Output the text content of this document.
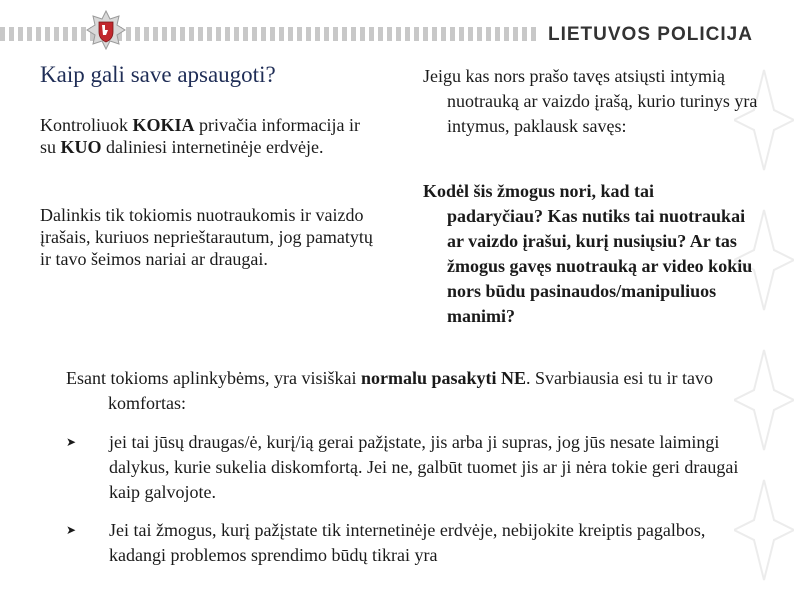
LIETUVOS POLICIJA
Kaip gali save apsaugoti?

Kontroliuok KOKIA privačia informacija ir su KUO daliniesi internetinėje erdvėje.

Dalinkis tik tokiomis nuotraukomis ir vaizdo įrašais, kuriuos neprieštarautum, jog pamatytų ir tavo šeimos nariai ar draugai.

Jeigu kas nors prašo tavęs atsiųsti intymią nuotrauką ar vaizdo įrašą, kurio turinys yra intymus, paklausk savęs:
Kodėl šis žmogus nori, kad tai padaryčiau? Kas nutiks tai nuotraukai ar vaizdo įrašui, kurį nusiųsiu? Ar tas žmogus gavęs nuotrauką ar video kokiu nors būdu pasinaudos/manipuliuos manimi?
Esant tokioms aplinkybėms, yra visiškai normalu pasakyti NE. Svarbiausia esi tu ir tavo komfortas:
➤ jei tai jūsų draugas/ė, kurį/ią gerai pažįstate, jis arba ji supras, jog jūs nesate laimingi dalykus, kurie sukelia diskomfortą. Jei ne, galbūt tuomet jis ar ji nėra tokie geri draugai kaip galvojote.
➤ Jei tai žmogus, kurį pažįstate tik internetinėje erdvėje, nebijokite kreiptis pagalbos, kadangi problemos sprendimo būdų tikrai yra
